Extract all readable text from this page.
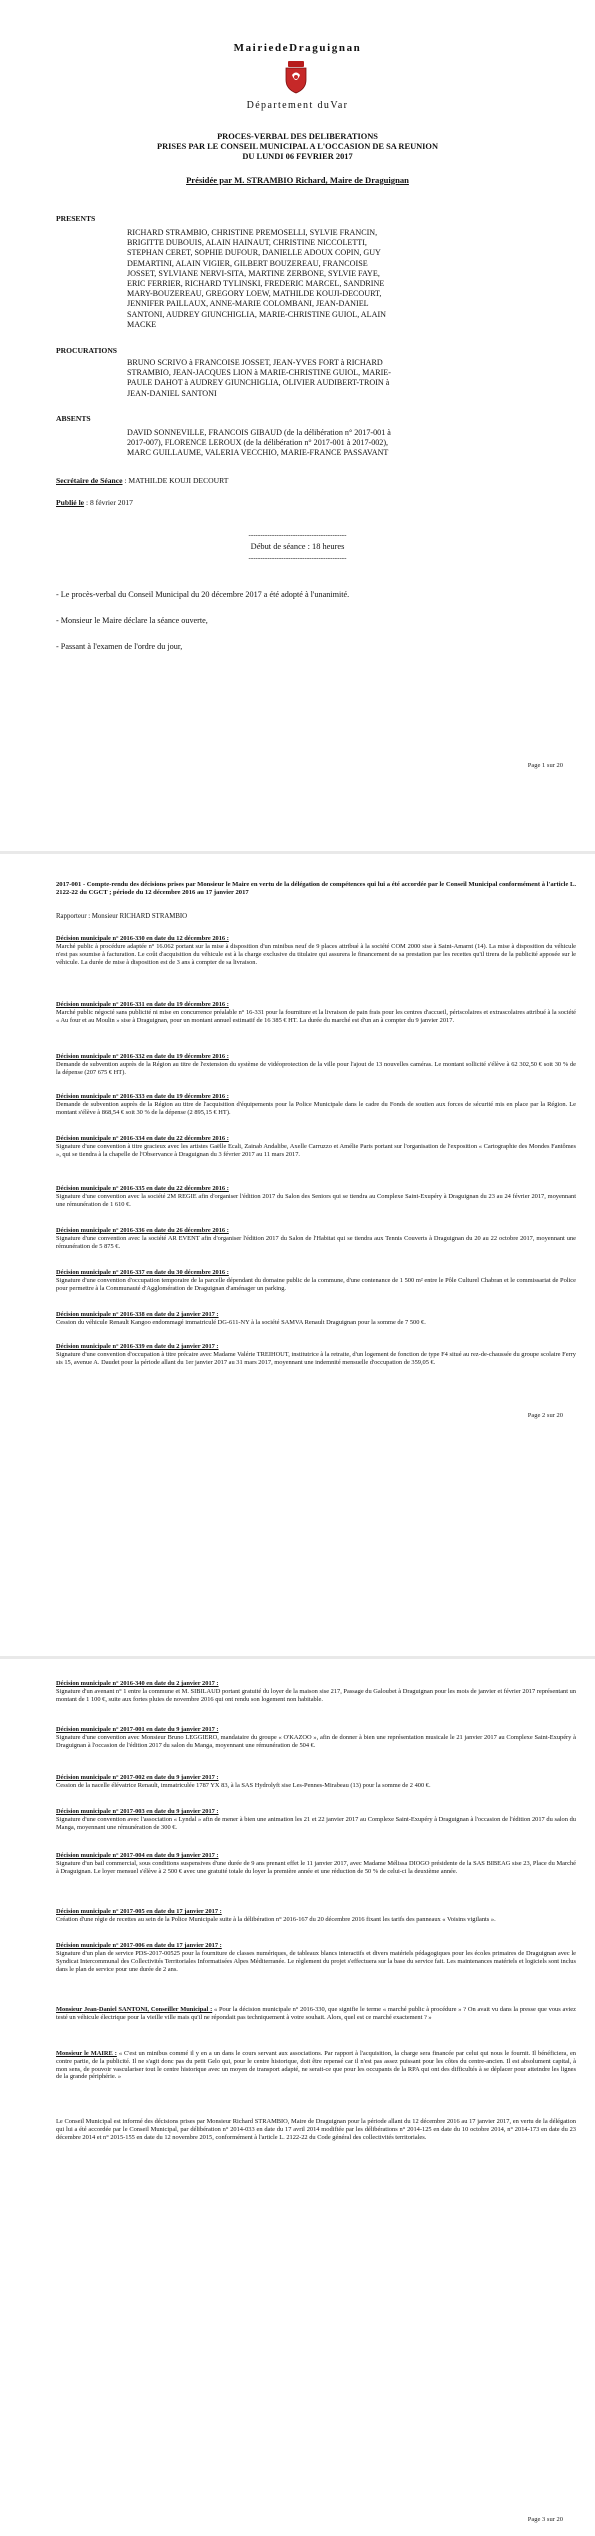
MairiedeDraguignan
Département duVar
PROCES-VERBAL DES DELIBERATIONS
PRISES PAR LE CONSEIL MUNICIPAL A L'OCCASION DE SA REUNION
DU LUNDI 06 FEVRIER 2017
Présidée par M. STRAMBIO Richard, Maire de Draguignan
PRESENTS
RICHARD STRAMBIO, CHRISTINE PREMOSELLI, SYLVIE FRANCIN,
BRIGITTE DUBOUIS, ALAIN HAINAUT, CHRISTINE NICCOLETTI,
STEPHAN CERET, SOPHIE DUFOUR, DANIELLE ADOUX COPIN, GUY
DEMARTINI, ALAIN VIGIER, GILBERT BOUZEREAU, FRANCOISE
JOSSET, SYLVIANE NERVI-SITA, MARTINE ZERBONE, SYLVIE FAYE,
ERIC FERRIER, RICHARD TYLINSKI, FREDERIC MARCEL, SANDRINE
MARY-BOUZEREAU, GREGORY LOEW, MATHILDE KOUJI-DECOURT,
JENNIFER PAILLAUX, ANNE-MARIE COLOMBANI, JEAN-DANIEL
SANTONI, AUDREY GIUNCHIGLIA, MARIE-CHRISTINE GUIOL, ALAIN
MACKE
PROCURATIONS
BRUNO SCRIVO à FRANCOISE JOSSET, JEAN-YVES FORT à RICHARD
STRAMBIO, JEAN-JACQUES LION à MARIE-CHRISTINE GUIOL, MARIE-
PAULE DAHOT à AUDREY GIUNCHIGLIA, OLIVIER AUDIBERT-TROIN à
JEAN-DANIEL SANTONI
ABSENTS
DAVID SONNEVILLE, FRANCOIS GIBAUD (de la délibération n° 2017-001 à
2017-007), FLORENCE LEROUX (de la délibération n° 2017-001 à 2017-002),
MARC GUILLAUME, VALERIA VECCHIO, MARIE-FRANCE PASSAVANT
Secrétaire de Séance : MATHILDE KOUJI DECOURT
Publié le : 8 février 2017
------------------------------------------
Début de séance : 18 heures
------------------------------------------
- Le procès-verbal du Conseil Municipal du 20 décembre 2017 a été adopté à l'unanimité.
- Monsieur le Maire déclare la séance ouverte,
- Passant à l'examen de l'ordre du jour,
Page 1 sur 20
2017-001 - Compte-rendu des décisions prises par Monsieur le Maire en vertu de la délégation de compétences qui lui a été accordée par le Conseil Municipal conformément à l'article L. 2122-22 du CGCT ; période du 12 décembre 2016 au 17 janvier 2017
Rapporteur : Monsieur RICHARD STRAMBIO
Décision municipale n° 2016-330 en date du 12 décembre 2016 :
Marché public à procédure adaptée n° 16.062 portant sur la mise à disposition d'un minibus neuf de 9 places attribué à la société COM 2000 sise à Saint-Amarnt (14). La mise à disposition du véhicule n'est pas soumise à facturation. Le coût d'acquisition du véhicule est à la charge exclusive du titulaire qui assurera le financement de sa prestation par les recettes qu'il tirera de la publicité apposée sur le véhicule. La durée de mise à disposition est de 3 ans à compter de sa livraison.
Décision municipale n° 2016-331 en date du 19 décembre 2016 :
Marché public négocié sans publicité ni mise en concurrence préalable n° 16-331 pour la fourniture et la livraison de pain frais pour les centres d'accueil, périscolaires et extrascolaires attribué à la société « Au four et au Moulin » sise à Draguignan, pour un montant annuel estimatif de 16 385 € HT. La durée du marché est d'un an à compter du 9 janvier 2017.
Décision municipale n° 2016-332 en date du 19 décembre 2016 :
Demande de subvention auprès de la Région au titre de l'extension du système de vidéoprotection de la ville pour l'ajout de 13 nouvelles caméras. Le montant sollicité s'élève à 62 302,50 € soit 30 % de la dépense (207 675 € HT).
Décision municipale n° 2016-333 en date du 19 décembre 2016 :
Demande de subvention auprès de la Région au titre de l'acquisition d'équipements pour la Police Municipale dans le cadre du Fonds de soutien aux forces de sécurité mis en place par la Région. Le montant s'élève à 868,54 € soit 30 % de la dépense (2 895,15 € HT).
Décision municipale n° 2016-334 en date du 22 décembre 2016 :
Signature d'une convention à titre gracieux avec les artistes Gaëlle Ecali, Zainab Andalibe, Axelle Carruzzo et Amélie Paris portant sur l'organisation de l'exposition « Cartographie des Mondes Fantômes », qui se tiendra à la chapelle de l'Observance à Draguignan du 3 février 2017 au 11 mars 2017.
Décision municipale n° 2016-335 en date du 22 décembre 2016 :
Signature d'une convention avec la société 2M REGIE afin d'organiser l'édition 2017 du Salon des Seniors qui se tiendra au Complexe Saint-Exupéry à Draguignan du 23 au 24 février 2017, moyennant une rémunération de 1 610 €.
Décision municipale n° 2016-336 en date du 26 décembre 2016 :
Signature d'une convention avec la société AR EVENT afin d'organiser l'édition 2017 du Salon de l'Habitat qui se tiendra aux Tennis Couverts à Draguignan du 20 au 22 octobre 2017, moyennant une rémunération de 5 875 €.
Décision municipale n° 2016-337 en date du 30 décembre 2016 :
Signature d'une convention d'occupation temporaire de la parcelle dépendant du domaine public de la commune, d'une contenance de 1 500 m² entre le Pôle Culturel Chabran et le commissariat de Police pour permettre à la Communauté d'Agglomération de Draguignan d'aménager un parking.
Décision municipale n° 2016-338 en date du 2 janvier 2017 :
Cession du véhicule Renault Kangoo endommagé immatriculé DG-611-NY à la société SAMVA Renault Draguignan pour la somme de 7 500 €.
Décision municipale n° 2016-339 en date du 2 janvier 2017 :
Signature d'une convention d'occupation à titre précaire avec Madame Valérie TREIHOUT, institutrice à la retraite, d'un logement de fonction de type F4 situé au rez-de-chaussée du groupe scolaire Ferry sis 15, avenue A. Daudet pour la période allant du 1er janvier 2017 au 31 mars 2017, moyennant une indemnité mensuelle d'occupation de 359,05 €.
Page 2 sur 20
Décision municipale n° 2016-340 en date du 2 janvier 2017 :
Signature d'un avenant n° 1 entre la commune et M. SIBILAUD portant gratuité du loyer de la maison sise 217, Passage du Galoubet à Draguignan pour les mois de janvier et février 2017 représentant un montant de 1 100 €, suite aux fortes pluies de novembre 2016 qui ont rendu son logement non habitable.
Décision municipale n° 2017-001 en date du 9 janvier 2017 :
Signature d'une convention avec Monsieur Bruno LEGGIERO, mandataire du groupe « O'KAZOO », afin de donner à bien une représentation musicale le 21 janvier 2017 au Complexe Saint-Exupéry à Draguignan à l'occasion de l'édition 2017 du salon du Manga, moyennant une rémunération de 504 €.
Décision municipale n° 2017-002 en date du 9 janvier 2017 :
Cession de la nacelle élévatrice Renault, immatriculée 1787 YX 83, à la SAS Hydrolyft sise Les-Pennes-Mirabeau (13) pour la somme de 2 400 €.
Décision municipale n° 2017-003 en date du 9 janvier 2017 :
Signature d'une convention avec l'association « Lyndal » afin de mener à bien une animation les 21 et 22 janvier 2017 au Complexe Saint-Exupéry à Draguignan à l'occasion de l'édition 2017 du salon du Manga, moyennant une rémunération de 300 €.
Décision municipale n° 2017-004 en date du 9 janvier 2017 :
Signature d'un bail commercial, sous conditions suspensives d'une durée de 9 ans prenant effet le 11 janvier 2017, avec Madame Mélissa DIOGO présidente de la SAS BIBEAG sise 23, Place du Marché à Draguignan. Le loyer mensuel s'élève à 2 500 € avec une gratuité totale du loyer la première année et une réduction de 50 % de celui-ci la deuxième année.
Décision municipale n° 2017-005 en date du 17 janvier 2017 :
Création d'une régie de recettes au sein de la Police Municipale suite à la délibération n° 2016-167 du 20 décembre 2016 fixant les tarifs des panneaux « Voisins vigilants ».
Décision municipale n° 2017-006 en date du 17 janvier 2017 :
Signature d'un plan de service PDS-2017-00525 pour la fourniture de classes numériques, de tableaux blancs interactifs et divers matériels pédagogiques pour les écoles primaires de Draguignan avec le Syndicat Intercommunal des Collectivités Territoriales Informatisées Alpes Méditerranée. Le règlement du projet s'effectuera sur la base du service fait. Les maintenances matériels et logiciels sont inclus dans le plan de service pour une durée de 2 ans.
Monsieur Jean-Daniel SANTONI, Conseiller Municipal : « Pour la décision municipale n° 2016-330, que signifie le terme « marché public à procédure » ? On avait vu dans la presse que vous aviez testé un véhicule électrique pour la vieille ville mais qu'il ne répondait pas techniquement à votre souhait. Alors, quel est ce marché exactement ? »
Monsieur le MAIRE : « C'est un minibus commé il y en a un dans le cours servant aux associations. Par rapport à l'acquisition, la charge sera financée par celui qui nous le fournit. Il bénéficiera, en contre partie, de la publicité. Il ne s'agit donc pas du petit Gelo qui, pour le centre historique, doit être repensé car il n'est pas assez puissant pour les côtes du centre-ancien. Il est absolument capital, à mon sens, de pouvoir vasculariser tout le centre historique avec un moyen de transport adapté, ne serait-ce que pour les occupants de la RPA qui ont des difficultés à se déplacer pour atteindre les lignes de la grande périphérie. »
Le Conseil Municipal est informé des décisions prises par Monsieur Richard STRAMBIO, Maire de Draguignan pour la période allant du 12 décembre 2016 au 17 janvier 2017, en vertu de la délégation qui lui a été accordée par le Conseil Municipal, par délibération n° 2014-033 en date du 17 avril 2014 modifiée par les délibérations n° 2014-125 en date du 10 octobre 2014, n° 2014-173 en date du 23 décembre 2014 et n° 2015-155 en date du 12 novembre 2015, conformément à l'article L. 2122-22 du Code général des collectivités territoriales.
Page 3 sur 20
